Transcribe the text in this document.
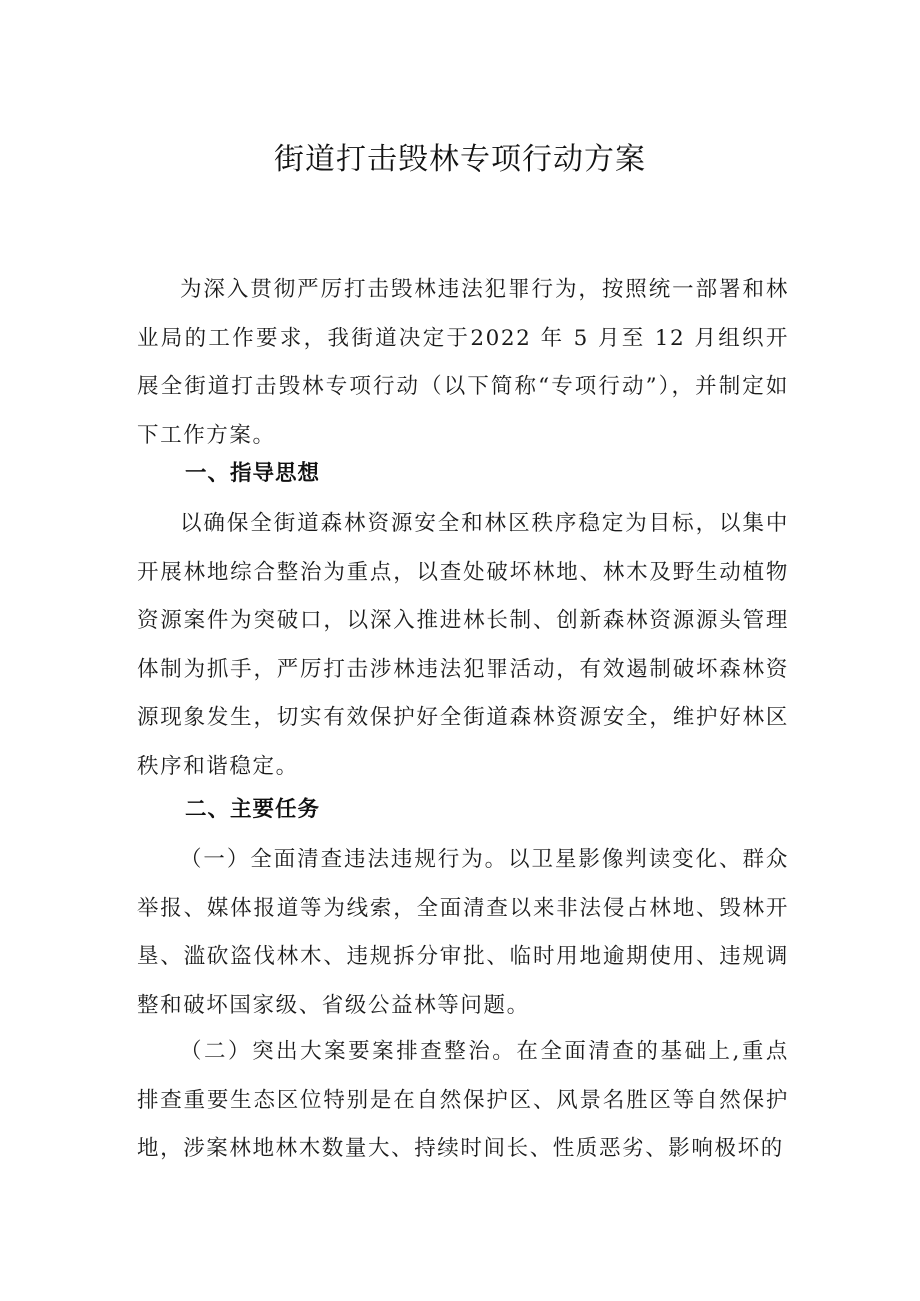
街道打击毁林专项行动方案

为深入贯彻严厉打击毁林违法犯罪行为，按照统一部署和林业局的工作要求，我街道决定于2022 年 5 月至 12 月组织开展全街道打击毁林专项行动（以下简称“专项行动”），并制定如下工作方案。

一、指导思想

以确保全街道森林资源安全和林区秩序稳定为目标，以集中开展林地综合整治为重点，以查处破坏林地、林木及野生动植物资源案件为突破口，以深入推进林长制、创新森林资源源头管理体制为抓手，严厉打击涉林违法犯罪活动，有效遏制破坏森林资源现象发生，切实有效保护好全街道森林资源安全，维护好林区秩序和谐稳定。

二、主要任务

（一）全面清查违法违规行为。以卫星影像判读变化、群众举报、媒体报道等为线索，全面清查以来非法侵占林地、毁林开垦、滥砍盗伐林木、违规拆分审批、临时用地逾期使用、违规调整和破坏国家级、省级公益林等问题。

（二）突出大案要案排查整治。在全面清查的基础上,重点排查重要生态区位特别是在自然保护区、风景名胜区等自然保护地，涉案林地林木数量大、持续时间长、性质恶劣、影响极坏的
